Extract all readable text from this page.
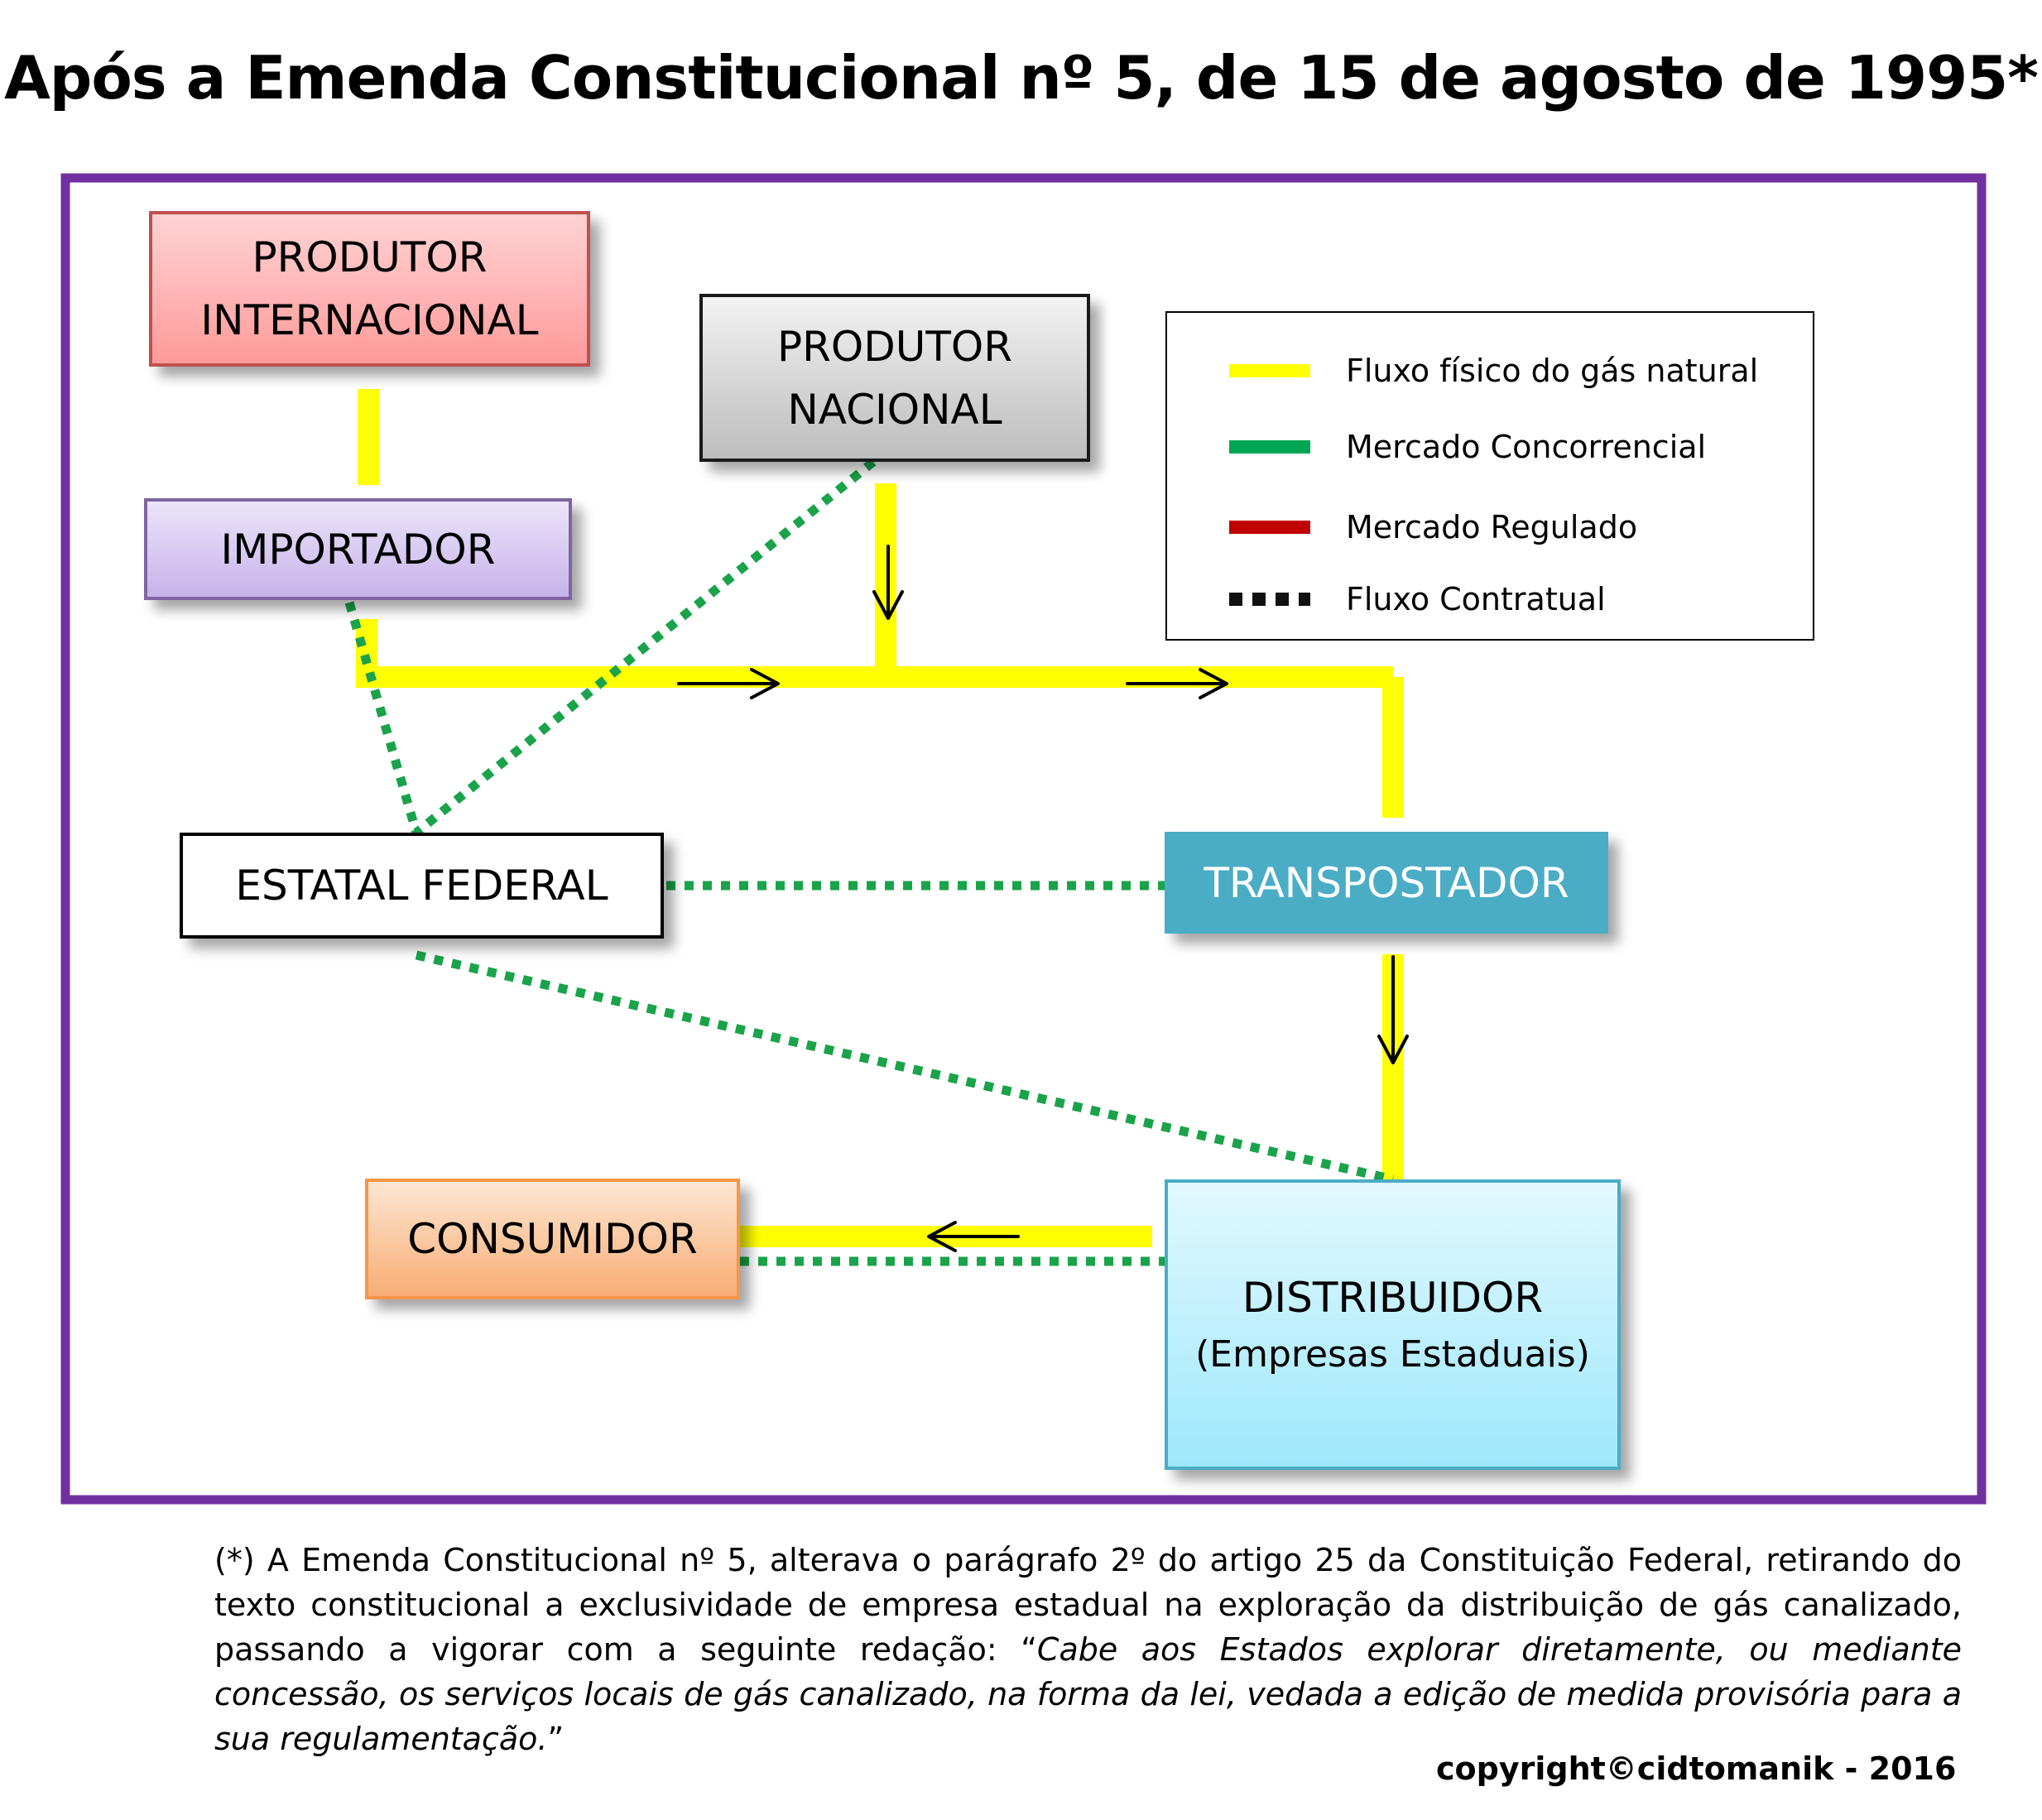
Após a Emenda Constitucional nº 5, de 15 de agosto de 1995*
PRODUTOR
INTERNACIONAL
PRODUTOR
NACIONAL
IMPORTADOR
ESTATAL FEDERAL	TRANSPOSTADOR
CONSUMIDOR
DISTRIBUIDOR
(Empresas Estaduais)
Fluxo físico do gás natural
Mercado Concorrencial
Mercado Regulado
Fluxo Contratual
(*) A Emenda Constitucional nº 5, alterava o parágrafo 2º do artigo 25 da Constituição Federal, retirando do texto constitucional a exclusividade de empresa estadual na exploração da distribuição de gás canalizado, passando a vigorar com a seguinte redação: “Cabe aos Estados explorar diretamente, ou mediante concessão, os serviços locais de gás canalizado, na forma da lei, vedada a edição de medida provisória para a sua regulamentação.”
copyright©cidtomanik - 2016
